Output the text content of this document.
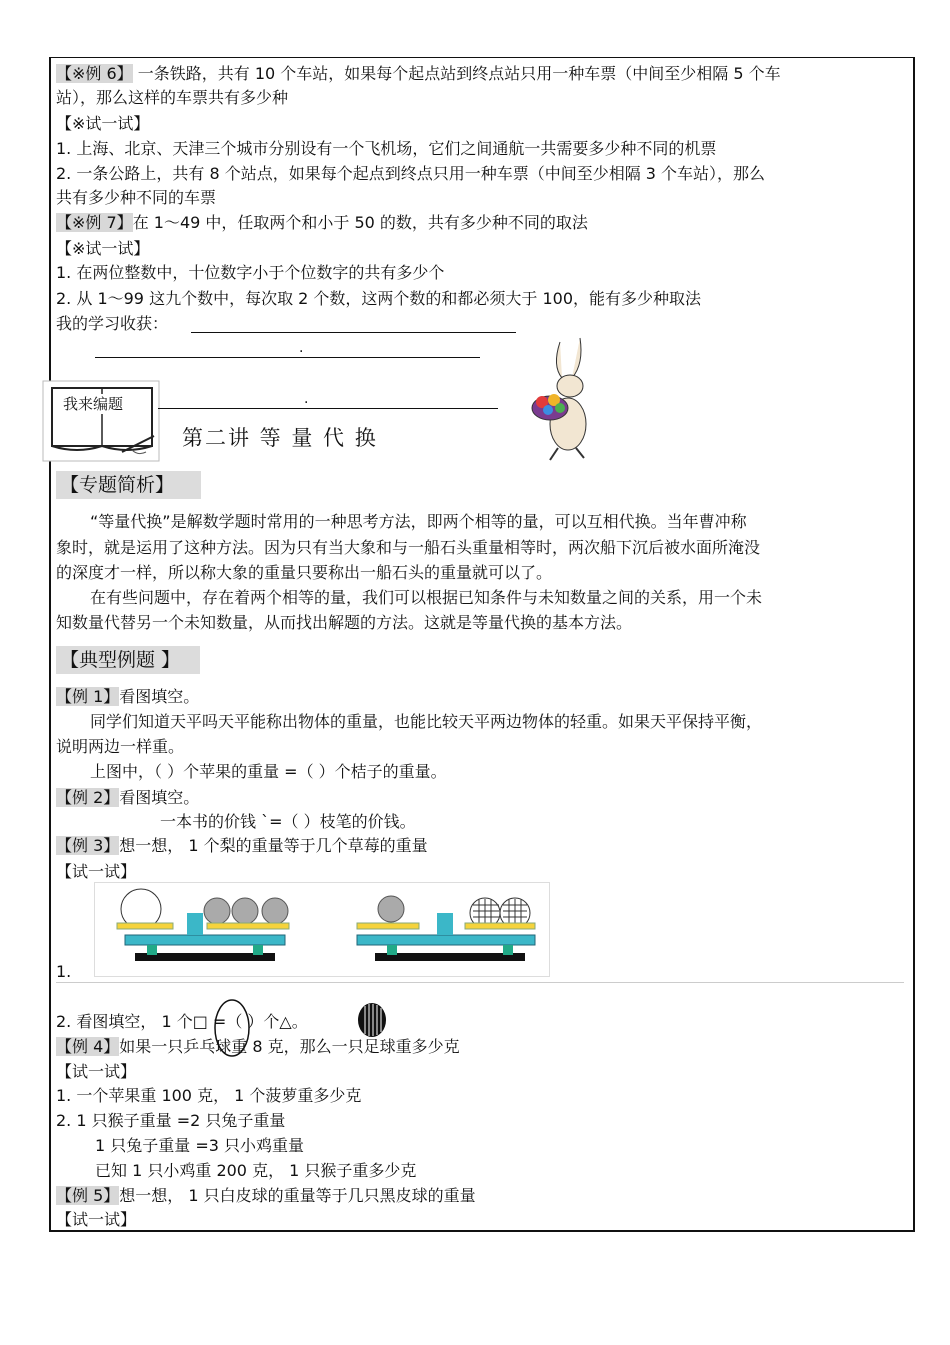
【※例 6】 一条铁路，共有 10 个车站，如果每个起点站到终点站只用一种车票（中间至少相隔 5 个车
站），那么这样的车票共有多少种
【※试一试】
1. 上海、北京、天津三个城市分别设有一个飞机场，它们之间通航一共需要多少种不同的机票
2. 一条公路上，共有 8 个站点，如果每个起点到终点只用一种车票（中间至少相隔 3 个车站），那么
共有多少种不同的车票
【※例 7】在 1～49 中，任取两个和小于 50 的数，共有多少种不同的取法
【※试一试】
1. 在两位整数中，十位数字小于个位数字的共有多少个
2. 从 1～99 这九个数中，每次取 2 个数，这两个数的和都必须大于 100，能有多少种取法
我的学习收获：
.
我来编题	.
第二讲 等 量 代 换
【专题简析】
“等量代换”是解数学题时常用的一种思考方法，即两个相等的量，可以互相代换。当年曹冲称
象时，就是运用了这种方法。因为只有当大象和与一船石头重量相等时，两次船下沉后被水面所淹没
的深度才一样，所以称大象的重量只要称出一船石头的重量就可以了。
在有些问题中，存在着两个相等的量，我们可以根据已知条件与未知数量之间的关系，用一个未
知数量代替另一个未知数量，从而找出解题的方法。这就是等量代换的基本方法。
【典型例题 】
【例 1】看图填空。
同学们知道天平吗天平能称出物体的重量，也能比较天平两边物体的轻重。如果天平保持平衡，
说明两边一样重。
上图中，（ ）个苹果的重量 =（ ）个桔子的重量。
【例 2】看图填空。
一本书的价钱 `=（ ）枝笔的价钱。
【例 3】想一想， 1 个梨的重量等于几个草莓的重量
【试一试】
1.
2. 看图填空， 1 个□ =（ ）个△。
【例 4】如果一只乒乓球重 8 克，那么一只足球重多少克
【试一试】
1. 一个苹果重 100 克， 1 个菠萝重多少克
2. 1 只猴子重量 =2 只兔子重量
1 只兔子重量 =3 只小鸡重量
已知 1 只小鸡重 200 克， 1 只猴子重多少克
【例 5】想一想， 1 只白皮球的重量等于几只黑皮球的重量
【试一试】
